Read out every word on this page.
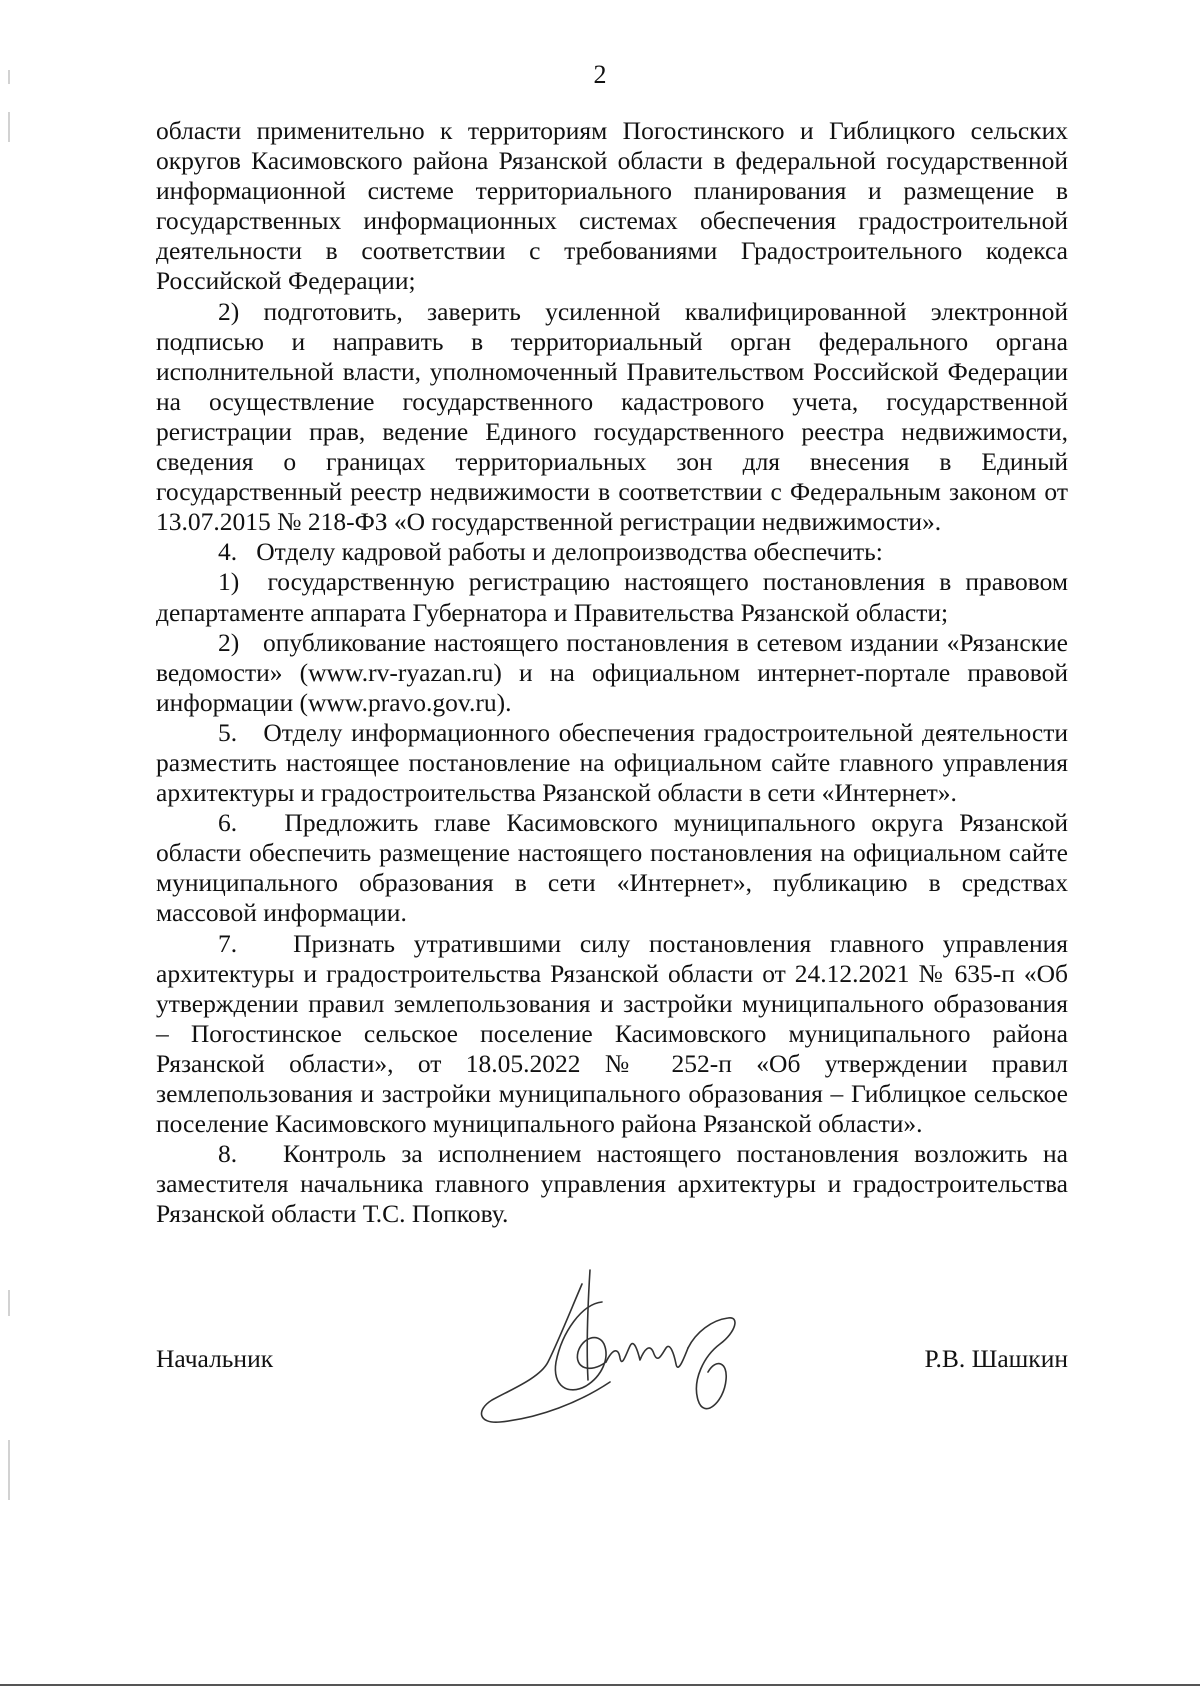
2

области применительно к территориям Погостинского и Гиблицкого сельских округов Касимовского района Рязанской области в федеральной государственной информационной системе территориального планирования и размещение в государственных информационных системах обеспечения градостроительной деятельности в соответствии с требованиями Градостроительного кодекса Российской Федерации;

2) подготовить, заверить усиленной квалифицированной электронной подписью и направить в территориальный орган федерального органа исполнительной власти, уполномоченный Правительством Российской Федерации на осуществление государственного кадастрового учета, государственной регистрации прав, ведение Единого государственного реестра недвижимости, сведения о границах территориальных зон для внесения в Единый государственный реестр недвижимости в соответствии с Федеральным законом от 13.07.2015 № 218-ФЗ «О государственной регистрации недвижимости».

4.   Отделу кадровой работы и делопроизводства обеспечить:

1)  государственную регистрацию настоящего постановления в правовом департаменте аппарата Губернатора и Правительства Рязанской области;

2)   опубликование настоящего постановления в сетевом издании «Рязанские ведомости» (www.rv-ryazan.ru) и на официальном интернет-портале правовой информации (www.pravo.gov.ru).

5.   Отделу информационного обеспечения градостроительной деятельности разместить настоящее постановление на официальном сайте главного управления архитектуры и градостроительства Рязанской области в сети «Интернет».

6.   Предложить главе Касимовского муниципального округа Рязанской области обеспечить размещение настоящего постановления на официальном сайте муниципального образования в сети «Интернет», публикацию в средствах массовой информации.

7.   Признать утратившими силу постановления главного управления архитектуры и градостроительства Рязанской области от 24.12.2021 № 635-п «Об утверждении правил землепользования и застройки муниципального образования – Погостинское сельское поселение Касимовского муниципального района Рязанской области», от 18.05.2022 № 252-п «Об утверждении правил землепользования и застройки муниципального образования – Гиблицкое сельское поселение Касимовского муниципального района Рязанской области».

8.   Контроль за исполнением настоящего постановления возложить на заместителя начальника главного управления архитектуры и градостроительства Рязанской области Т.С. Попкову.

Начальник	Р.В. Шашкин
